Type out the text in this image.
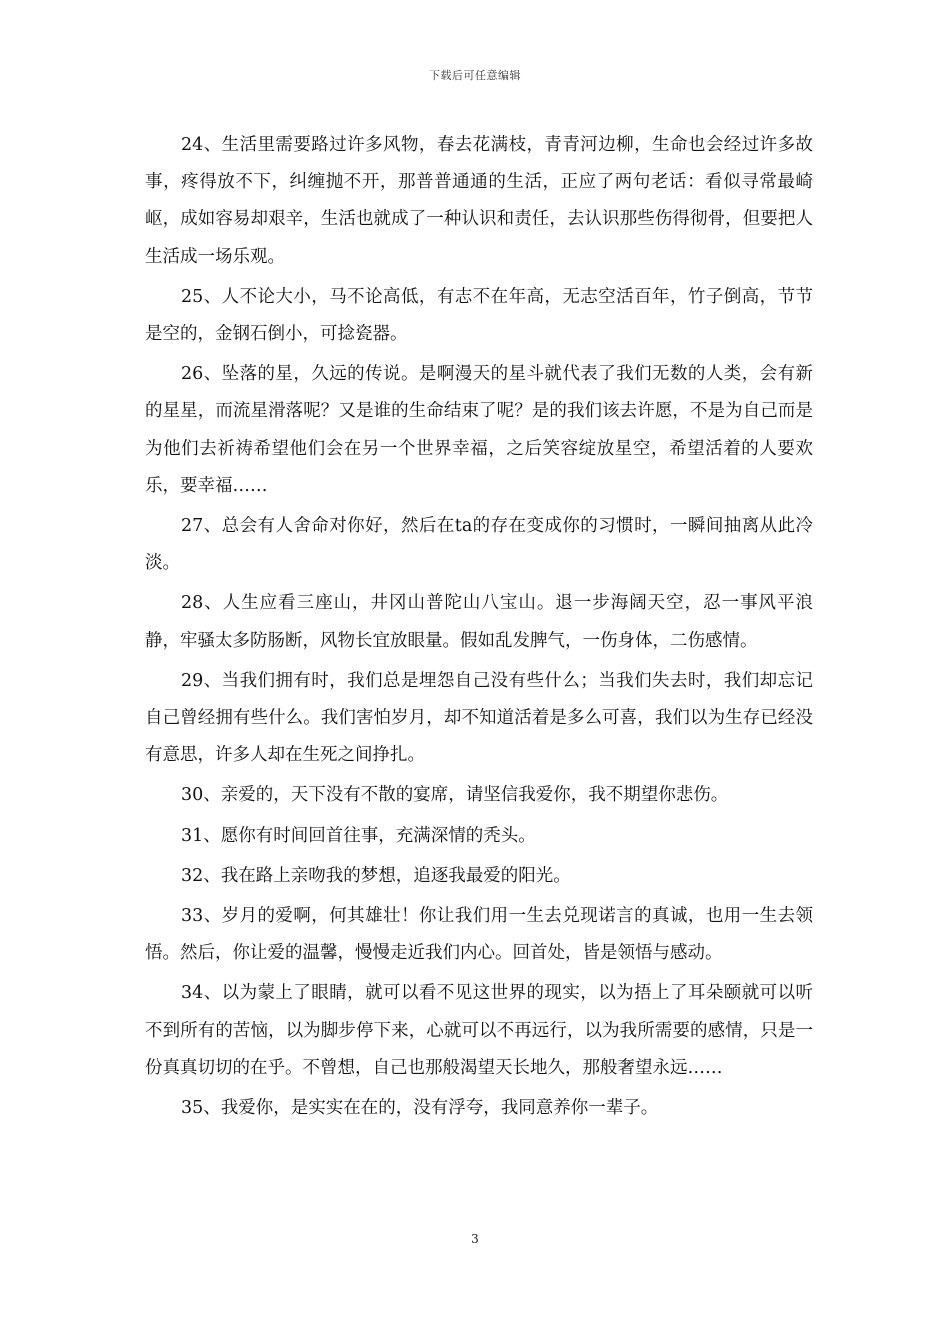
下载后可任意编辑

24、生活里需要路过许多风物，春去花满枝，青青河边柳，生命也会经过许多故事，疼得放不下，纠缠抛不开，那普普通通的生活，正应了两句老话：看似寻常最崎岖，成如容易却艰辛，生活也就成了一种认识和责任，去认识那些伤得彻骨，但要把人生活成一场乐观。

25、人不论大小，马不论高低，有志不在年高，无志空活百年，竹子倒高，节节是空的，金钢石倒小，可捻瓷器。

26、坠落的星，久远的传说。是啊漫天的星斗就代表了我们无数的人类，会有新的星星，而流星滑落呢？又是谁的生命结束了呢？是的我们该去许愿，不是为自己而是为他们去祈祷希望他们会在另一个世界幸福，之后笑容绽放星空，希望活着的人要欢乐，要幸福……

27、总会有人舍命对你好，然后在ta的存在变成你的习惯时，一瞬间抽离从此冷淡。

28、人生应看三座山，井冈山普陀山八宝山。退一步海阔天空，忍一事风平浪静，牢骚太多防肠断，风物长宜放眼量。假如乱发脾气，一伤身体，二伤感情。

29、当我们拥有时，我们总是埋怨自己没有些什么；当我们失去时，我们却忘记自己曾经拥有些什么。我们害怕岁月，却不知道活着是多么可喜，我们以为生存已经没有意思，许多人却在生死之间挣扎。

30、亲爱的，天下没有不散的宴席，请坚信我爱你，我不期望你悲伤。

31、愿你有时间回首往事，充满深情的秃头。

32、我在路上亲吻我的梦想，追逐我最爱的阳光。

33、岁月的爱啊，何其雄壮！你让我们用一生去兑现诺言的真诚，也用一生去领悟。然后，你让爱的温馨，慢慢走近我们内心。回首处，皆是领悟与感动。

34、以为蒙上了眼睛，就可以看不见这世界的现实，以为捂上了耳朵颐就可以听不到所有的苦恼，以为脚步停下来，心就可以不再远行，以为我所需要的感情，只是一份真真切切的在乎。不曾想，自己也那般渴望天长地久，那般奢望永远……

35、我爱你，是实实在在的，没有浮夸，我同意养你一辈子。

3
